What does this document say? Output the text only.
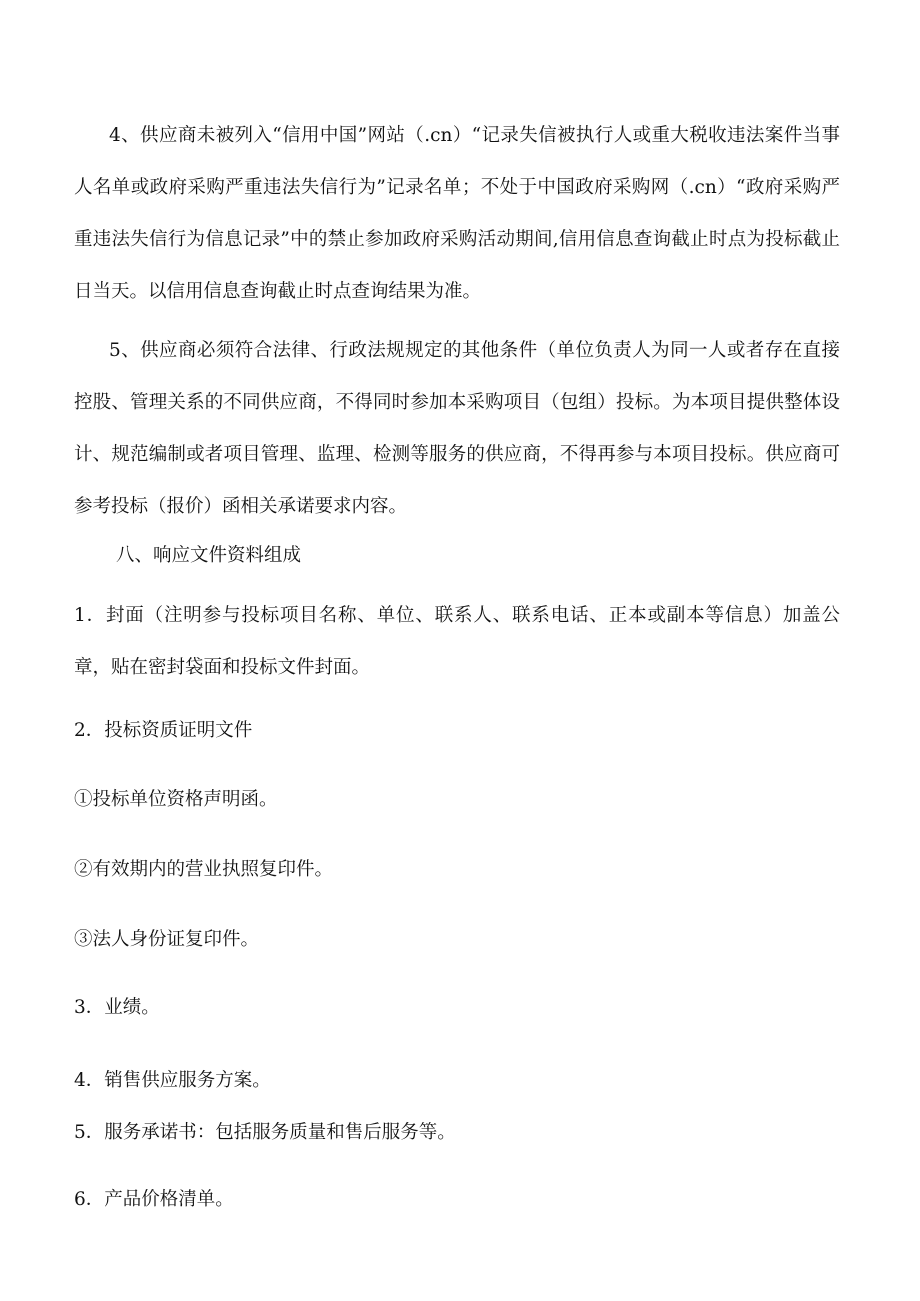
4、供应商未被列入“信用中国”网站（.cn）“记录失信被执行人或重大税收违法案件当事人名单或政府采购严重违法失信行为”记录名单；不处于中国政府采购网（.cn）“政府采购严重违法失信行为信息记录”中的禁止参加政府采购活动期间,信用信息查询截止时点为投标截止日当天。以信用信息查询截止时点查询结果为准。

5、供应商必须符合法律、行政法规规定的其他条件（单位负责人为同一人或者存在直接控股、管理关系的不同供应商，不得同时参加本采购项目（包组）投标。为本项目提供整体设计、规范编制或者项目管理、监理、检测等服务的供应商，不得再参与本项目投标。供应商可参考投标（报价）函相关承诺要求内容。

八、响应文件资料组成

1．封面（注明参与投标项目名称、单位、联系人、联系电话、正本或副本等信息）加盖公章，贴在密封袋面和投标文件封面。

2．投标资质证明文件

①投标单位资格声明函。

②有效期内的营业执照复印件。

③法人身份证复印件。

3．业绩。

4．销售供应服务方案。

5．服务承诺书：包括服务质量和售后服务等。

6．产品价格清单。
